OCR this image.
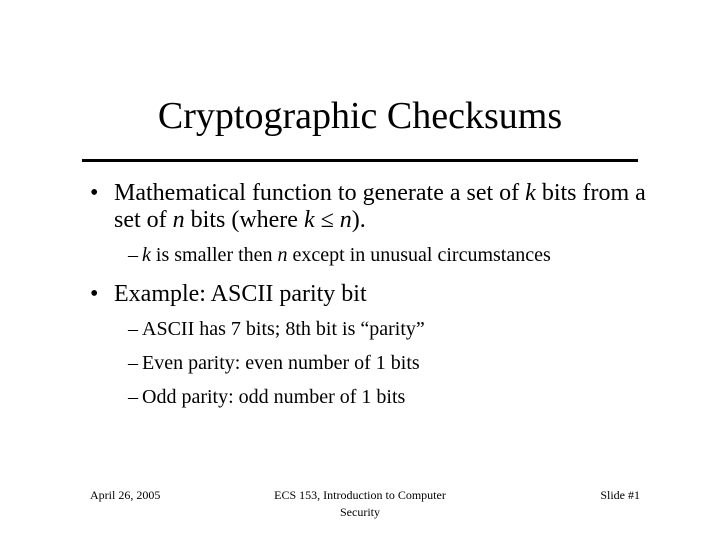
Cryptographic Checksums
• Mathematical function to generate a set of k bits from a set of n bits (where k ≤ n).
– k is smaller then n except in unusual circumstances
• Example: ASCII parity bit
– ASCII has 7 bits; 8th bit is “parity”
– Even parity: even number of 1 bits
– Odd parity: odd number of 1 bits
April 26, 2005	ECS 153, Introduction to Computer Security
Slide #1
